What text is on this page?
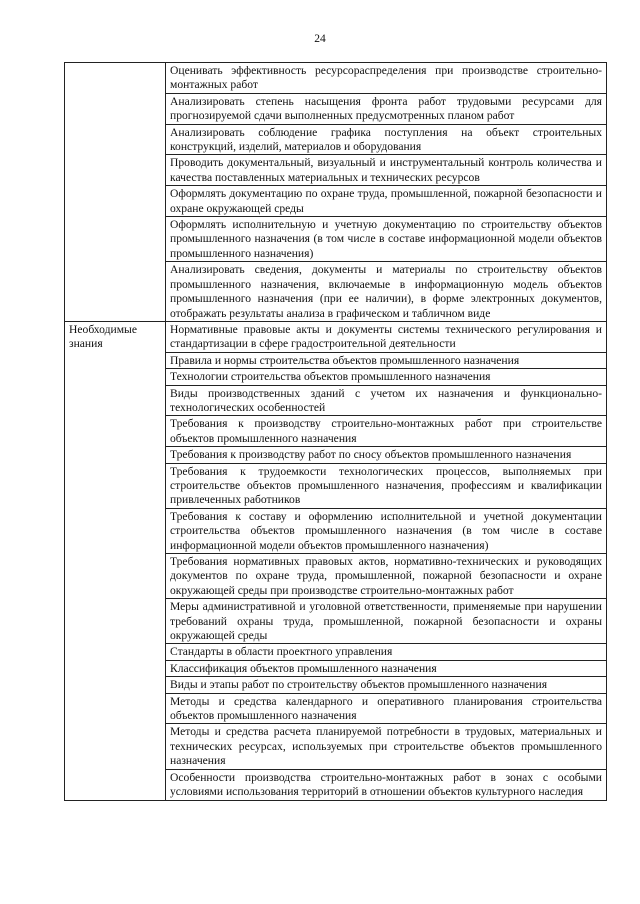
24
	Оценивать эффективность ресурсораспределения при производстве строительно-монтажных работ
	Анализировать степень насыщения фронта работ трудовыми ресурсами для прогнозируемой сдачи выполненных предусмотренных планом работ
	Анализировать соблюдение графика поступления на объект строительных конструкций, изделий, материалов и оборудования
	Проводить документальный, визуальный и инструментальный контроль количества и качества поставленных материальных и технических ресурсов
	Оформлять документацию по охране труда, промышленной, пожарной безопасности и охране окружающей среды
	Оформлять исполнительную и учетную документацию по строительству объектов промышленного назначения (в том числе в составе информационной модели объектов промышленного назначения)
	Анализировать сведения, документы и материалы по строительству объектов промышленного назначения, включаемые в информационную модель объектов промышленного назначения (при ее наличии), в форме электронных документов, отображать результаты анализа в графическом и табличном виде
Необходимые знания	Нормативные правовые акты и документы системы технического регулирования и стандартизации в сфере градостроительной деятельности
	Правила и нормы строительства объектов промышленного назначения
	Технологии строительства объектов промышленного назначения
	Виды производственных зданий с учетом их назначения и функционально-технологических особенностей
	Требования к производству строительно-монтажных работ при строительстве объектов промышленного назначения
	Требования к производству работ по сносу объектов промышленного назначения
	Требования к трудоемкости технологических процессов, выполняемых при строительстве объектов промышленного назначения, профессиям и квалификации привлеченных работников
	Требования к составу и оформлению исполнительной и учетной документации строительства объектов промышленного назначения (в том числе в составе информационной модели объектов промышленного назначения)
	Требования нормативных правовых актов, нормативно-технических и руководящих документов по охране труда, промышленной, пожарной безопасности и охране окружающей среды при производстве строительно-монтажных работ
	Меры административной и уголовной ответственности, применяемые при нарушении требований охраны труда, промышленной, пожарной безопасности и охраны окружающей среды
	Стандарты в области проектного управления
	Классификация объектов промышленного назначения
	Виды и этапы работ по строительству объектов промышленного назначения
	Методы и средства календарного и оперативного планирования строительства объектов промышленного назначения
	Методы и средства расчета планируемой потребности в трудовых, материальных и технических ресурсах, используемых при строительстве объектов промышленного назначения
	Особенности производства строительно-монтажных работ в зонах с особыми условиями использования территорий в отношении объектов культурного наследия
